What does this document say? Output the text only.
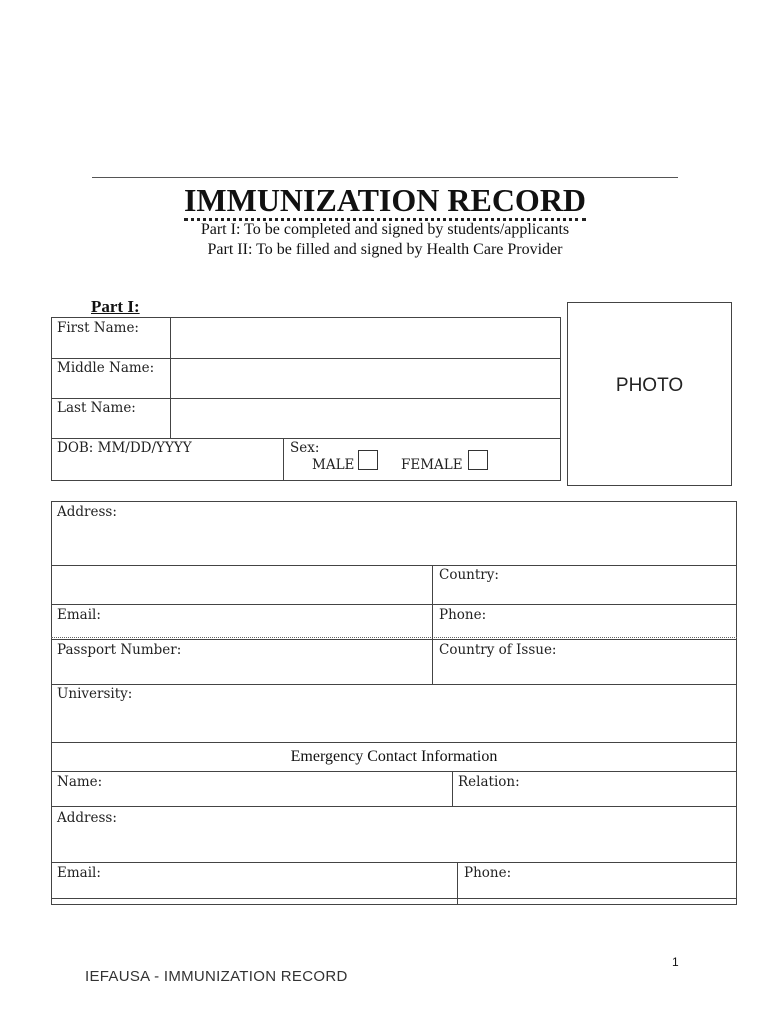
IMMUNIZATION RECORD
Part I: To be completed and signed by students/applicants
Part II: To be filled and signed by Health Care Provider
Part I:
First Name:
Middle Name:
Last Name:
DOB: MM/DD/YYYY	Sex:
MALE	FEMALE
PHOTO
Address:
Country:
Email:	Phone:
Passport Number:	Country of Issue:
University:
Emergency Contact Information
Name:	Relation:
Address:
Email:	Phone:
1
IEFAUSA - IMMUNIZATION RECORD
